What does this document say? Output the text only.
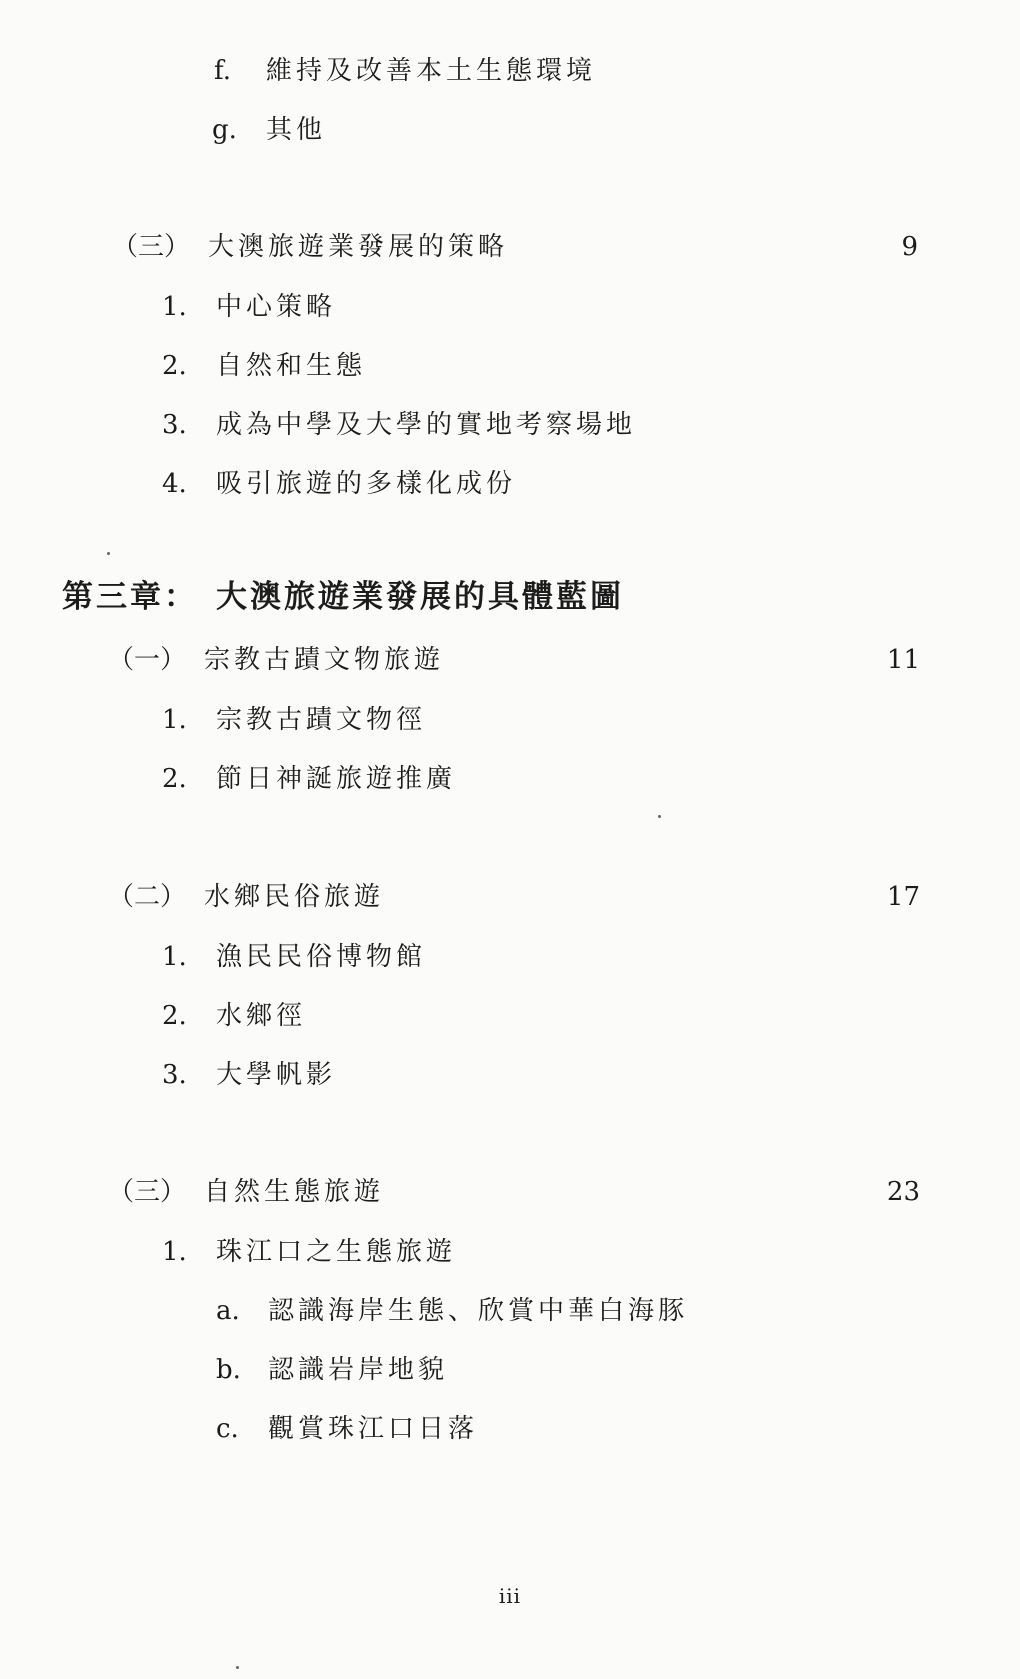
f. 維持及改善本土生態環境
g. 其他
（三） 大澳旅遊業發展的策略	9
1. 中心策略
2. 自然和生態
3. 成為中學及大學的實地考察場地
4. 吸引旅遊的多樣化成份
第三章： 大澳旅遊業發展的具體藍圖
（一） 宗教古蹟文物旅遊	11
1. 宗教古蹟文物徑
2. 節日神誕旅遊推廣
（二） 水鄉民俗旅遊	17
1. 漁民民俗博物館
2. 水鄉徑
3. 大學帆影
（三） 自然生態旅遊	23
1. 珠江口之生態旅遊
a. 認識海岸生態、欣賞中華白海豚
b. 認識岩岸地貌
c. 觀賞珠江口日落
iii
